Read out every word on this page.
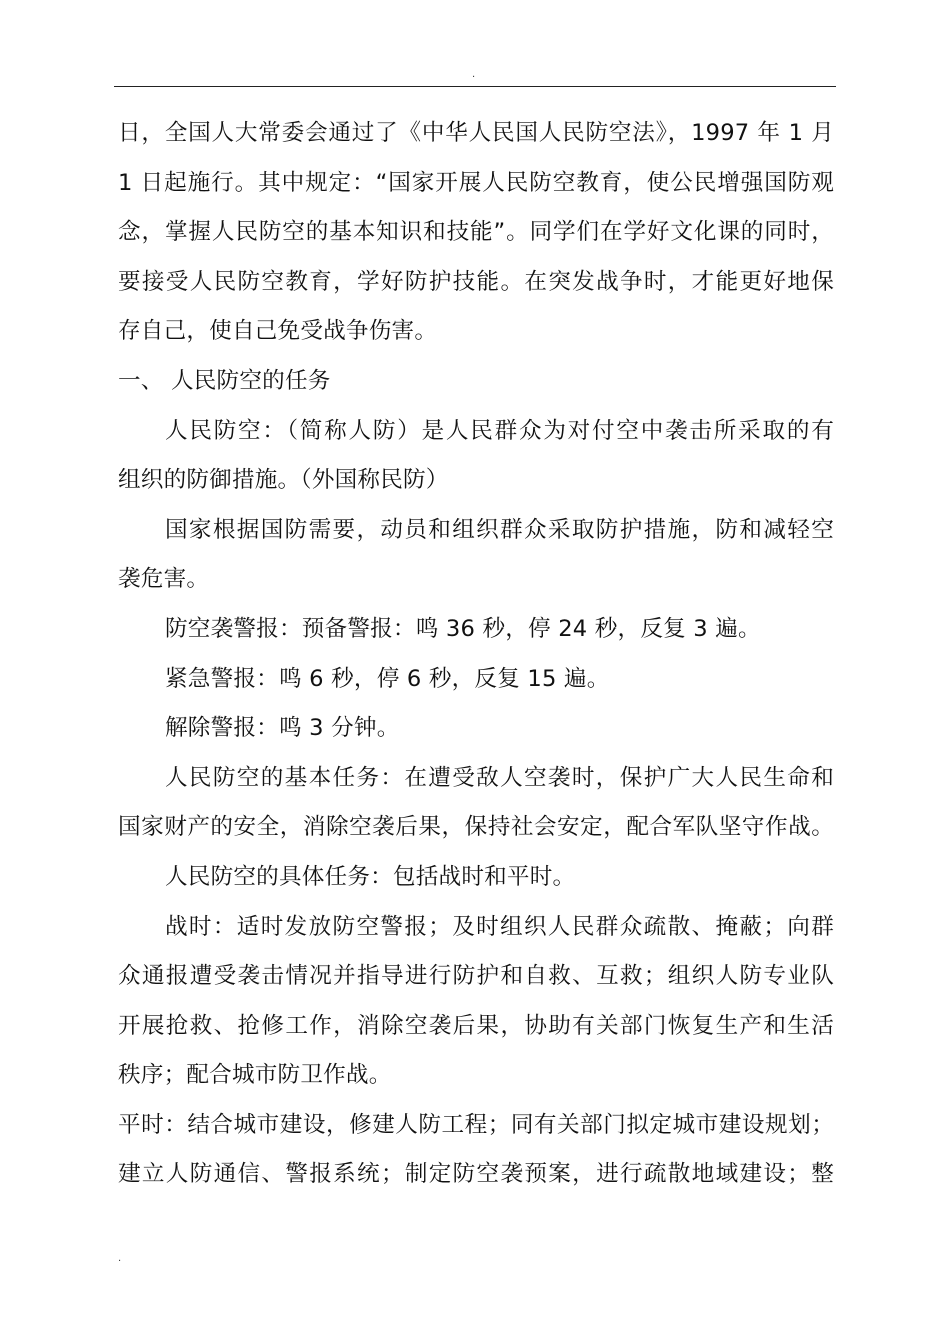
.
日，全国人大常委会通过了《中华人民国人民防空法》，1997 年 1 月
1 日起施行。其中规定：“国家开展人民防空教育，使公民增强国防观
念，掌握人民防空的基本知识和技能”。同学们在学好文化课的同时，
要接受人民防空教育，学好防护技能。在突发战争时，才能更好地保
存自己，使自己免受战争伤害。
一、 人民防空的任务
人民防空：（简称人防）是人民群众为对付空中袭击所采取的有
组织的防御措施。（外国称民防）
国家根据国防需要，动员和组织群众采取防护措施，防和减轻空
袭危害。
防空袭警报：预备警报：鸣 36 秒，停 24 秒，反复 3 遍。
紧急警报：鸣 6 秒，停 6 秒，反复 15 遍。
解除警报：鸣 3 分钟。
人民防空的基本任务：在遭受敌人空袭时，保护广大人民生命和
国家财产的安全，消除空袭后果，保持社会安定，配合军队坚守作战。
人民防空的具体任务：包括战时和平时。
战时：适时发放防空警报；及时组织人民群众疏散、掩蔽；向群
众通报遭受袭击情况并指导进行防护和自救、互救；组织人防专业队
开展抢救、抢修工作，消除空袭后果，协助有关部门恢复生产和生活
秩序；配合城市防卫作战。
平时：结合城市建设，修建人防工程；同有关部门拟定城市建设规划；
建立人防通信、警报系统；制定防空袭预案，进行疏散地域建设；整
.
